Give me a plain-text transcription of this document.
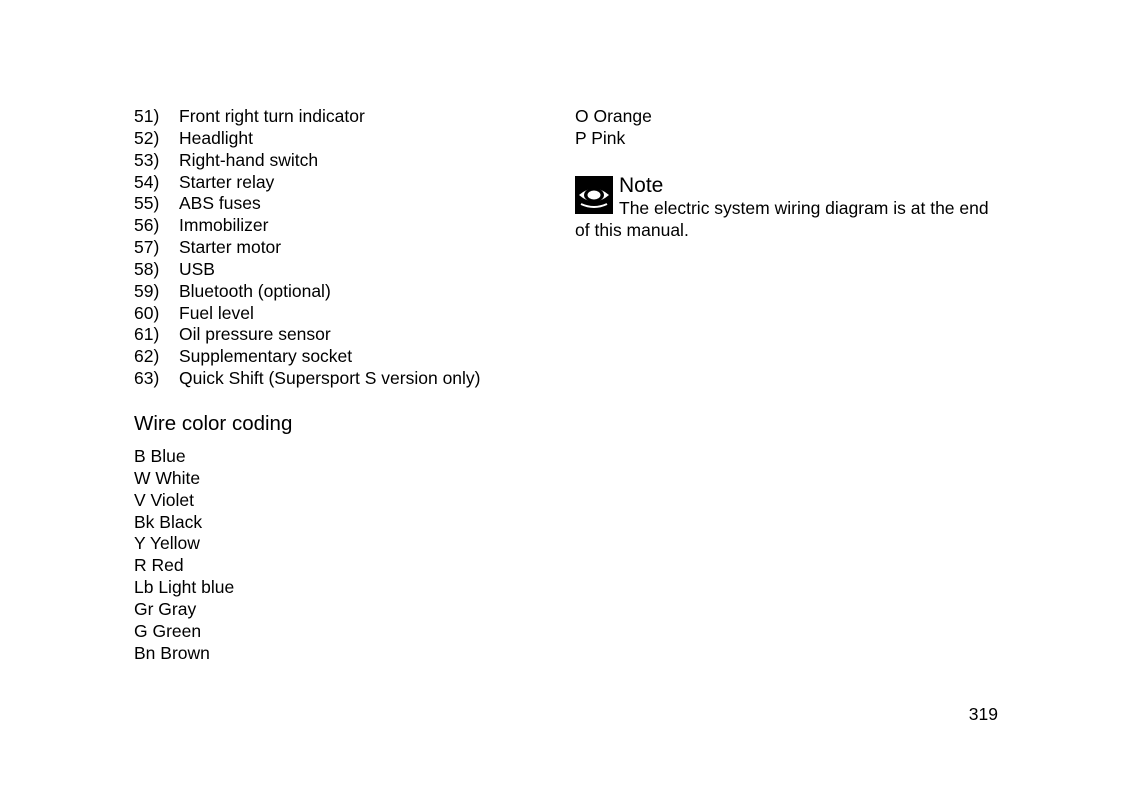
51)	Front right turn indicator
52)	Headlight
53)	Right-hand switch
54)	Starter relay
55)	ABS fuses
56)	Immobilizer
57)	Starter motor
58)	USB
59)	Bluetooth (optional)
60)	Fuel level
61)	Oil pressure sensor
62)	Supplementary socket
63)	Quick Shift (Supersport S version only)
Wire color coding
B Blue
W White
V Violet
Bk Black
Y Yellow
R Red
Lb Light blue
Gr Gray
G Green
Bn Brown
O Orange
P Pink
Note

The electric system wiring diagram is at the end of this manual.

319
